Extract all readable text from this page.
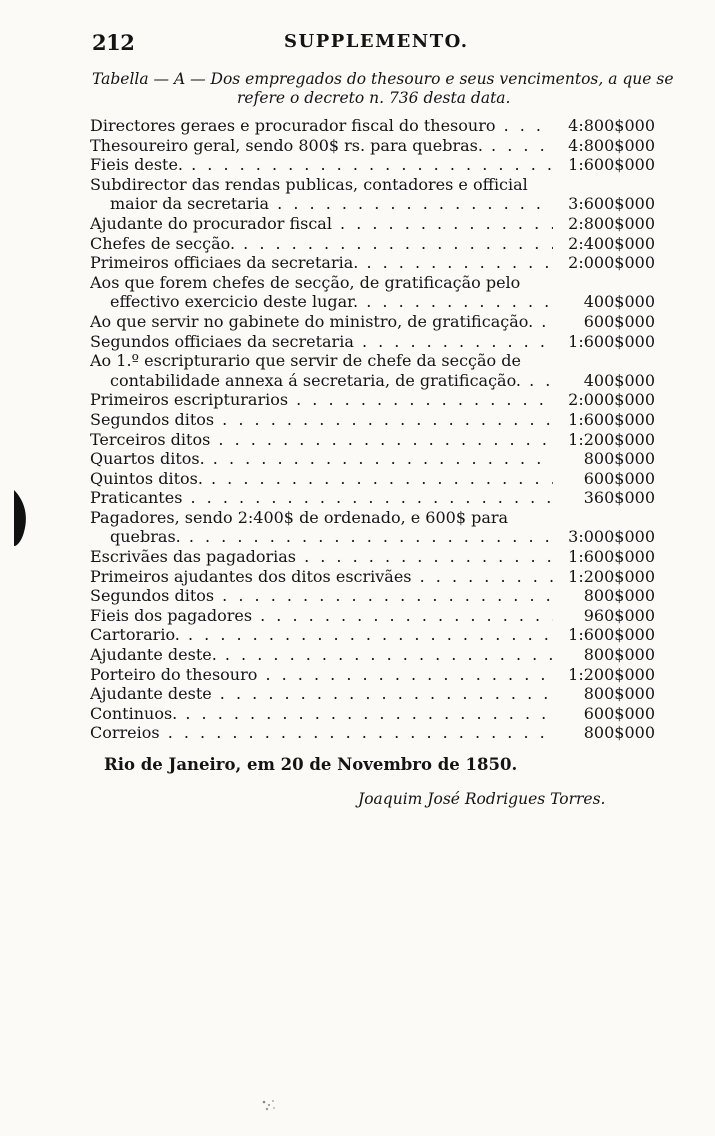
212	SUPPLEMENTO.
Tabella — A — Dos empregados do thesouro e seus vencimentos, a que se
refere o decreto n. 736 desta data.
Directores geraes e procurador fiscal do thesouro . . .	4:800$000
Thesoureiro geral, sendo 800$ rs. para quebras. . . .	4:800$000
Fieis deste. . . .	1:600$000
Subdirector das rendas publicas, contadores e official
maior da secretaria . . .	3:600$000
Ajudante do procurador fiscal . . .	2:800$000
Chefes de secção. . . .	2:400$000
Primeiros officiaes da secretaria. . . .	2:000$000
Aos que forem chefes de secção, de gratificação pelo
effectivo exercicio deste lugar. . . .	400$000
Ao que servir no gabinete do ministro, de gratificação. . . .	600$000
Segundos officiaes da secretaria . . .	1:600$000
Ao 1.º escripturario que servir de chefe da secção de
contabilidade annexa á secretaria, de gratificação. . . .	400$000
Primeiros escripturarios . . .	2:000$000
Segundos ditos . . .	1:600$000
Terceiros ditos . . .	1:200$000
Quartos ditos. . . .	800$000
Quintos ditos. . . .	600$000
Praticantes . . .	360$000
Pagadores, sendo 2:400$ de ordenado, e 600$ para
quebras. . . .	3:000$000
Escrivães das pagadorias . . .	1:600$000
Primeiros ajudantes dos ditos escrivães . . .	1:200$000
Segundos ditos . . .	800$000
Fieis dos pagadores . . .	960$000
Cartorario. . . .	1:600$000
Ajudante deste. . . .	800$000
Porteiro do thesouro . . .	1:200$000
Ajudante deste . . .	800$000
Continuos. . . .	600$000
Correios . . .	800$000
Rio de Janeiro, em 20 de Novembro de 1850.
Joaquim José Rodrigues Torres.
